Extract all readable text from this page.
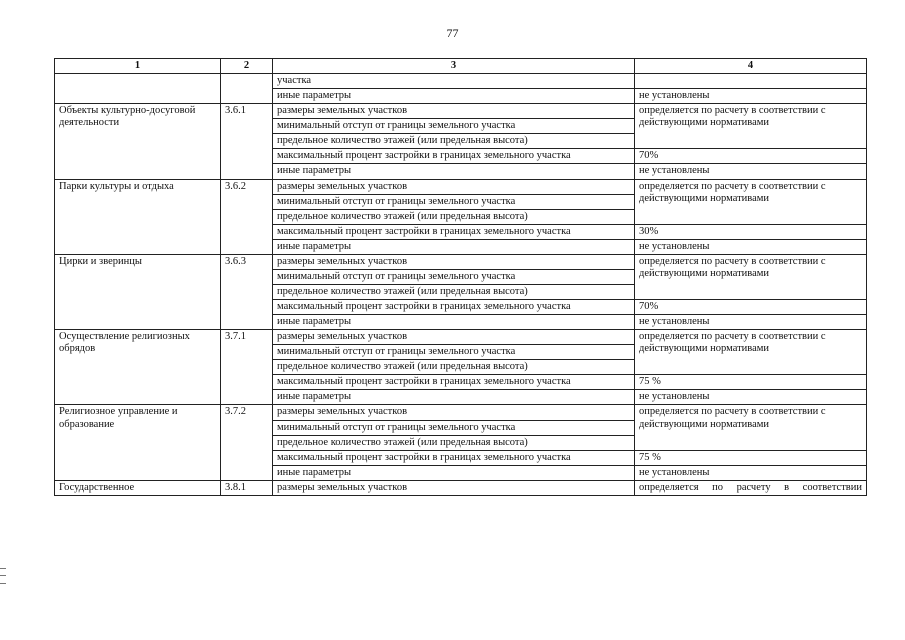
77
1	2	3	4
		участка	
		иные параметры	не установлены
Объекты культурно-досуговой деятельности	3.6.1	размеры земельных участков	определяется по расчету в соответствии с действующими нормативами
		минимальный отступ от границы земельного участка	
		предельное количество этажей (или предельная высота)	
		максимальный процент застройки в границах земельного участка	70%
		иные параметры	не установлены
Парки культуры и отдыха	3.6.2	размеры земельных участков	определяется по расчету в соответствии с действующими нормативами
		минимальный отступ от границы земельного участка	
		предельное количество этажей (или предельная высота)	
		максимальный процент застройки в границах земельного участка	30%
		иные параметры	не установлены
Цирки и зверинцы	3.6.3	размеры земельных участков	определяется по расчету в соответствии с действующими нормативами
		минимальный отступ от границы земельного участка	
		предельное количество этажей (или предельная высота)	
		максимальный процент застройки в границах земельного участка	70%
		иные параметры	не установлены
Осуществление религиозных обрядов	3.7.1	размеры земельных участков	определяется по расчету в соответствии с действующими нормативами
		минимальный отступ от границы земельного участка	
		предельное количество этажей (или предельная высота)	
		максимальный процент застройки в границах земельного участка	75 %
		иные параметры	не установлены
Религиозное управление и образование	3.7.2	размеры земельных участков	определяется по расчету в соответствии с действующими нормативами
		минимальный отступ от границы земельного участка	
		предельное количество этажей (или предельная высота)	
		максимальный процент застройки в границах земельного участка	75 %
		иные параметры	не установлены
Государственное	3.8.1	размеры земельных участков	определяется по расчету в соответствии
